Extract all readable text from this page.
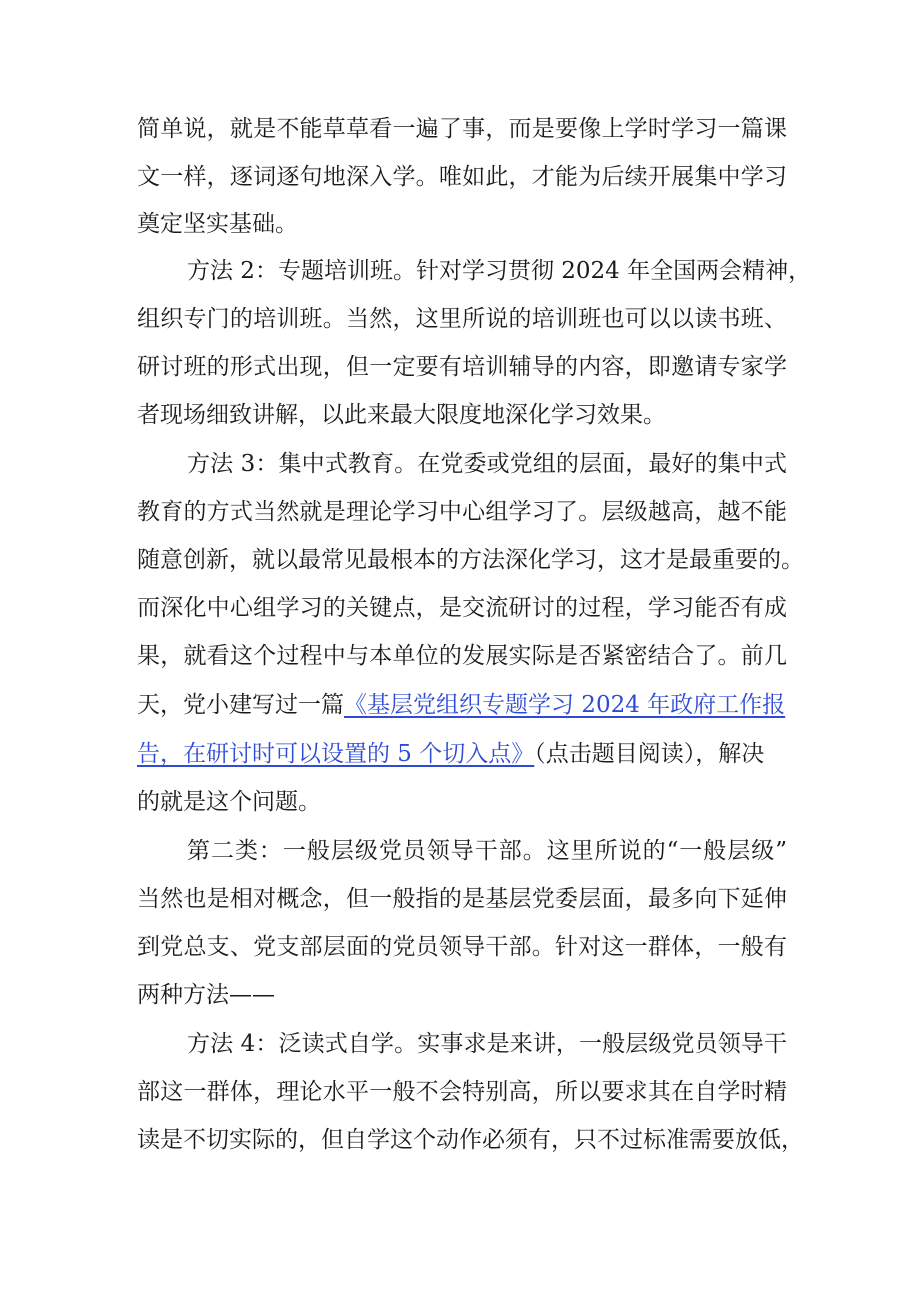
简单说，就是不能草草看一遍了事，而是要像上学时学习一篇课
文一样，逐词逐句地深入学。唯如此，才能为后续开展集中学习
奠定坚实基础。
方法 2：专题培训班。针对学习贯彻 2024 年全国两会精神，
组织专门的培训班。当然，这里所说的培训班也可以以读书班、
研讨班的形式出现，但一定要有培训辅导的内容，即邀请专家学
者现场细致讲解，以此来最大限度地深化学习效果。
方法 3：集中式教育。在党委或党组的层面，最好的集中式
教育的方式当然就是理论学习中心组学习了。层级越高，越不能
随意创新，就以最常见最根本的方法深化学习，这才是最重要的。
而深化中心组学习的关键点，是交流研讨的过程，学习能否有成
果，就看这个过程中与本单位的发展实际是否紧密结合了。前几
天，党小建写过一篇《基层党组织专题学习 2024 年政府工作报
告，在研讨时可以设置的 5 个切入点》（点击题目阅读），解决
的就是这个问题。
第二类：一般层级党员领导干部。这里所说的“一般层级”
当然也是相对概念，但一般指的是基层党委层面，最多向下延伸
到党总支、党支部层面的党员领导干部。针对这一群体，一般有
两种方法——
方法 4：泛读式自学。实事求是来讲，一般层级党员领导干
部这一群体，理论水平一般不会特别高，所以要求其在自学时精
读是不切实际的，但自学这个动作必须有，只不过标准需要放低，
